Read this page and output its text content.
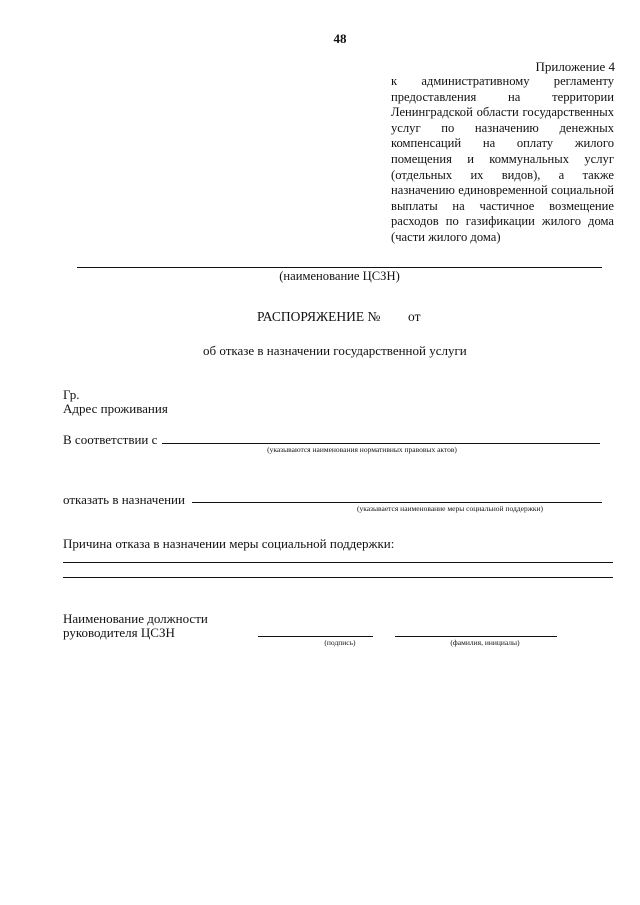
48
Приложение 4

к административному регламенту предоставления на территории Ленинградской области государственных услуг по назначению денежных компенсаций на оплату жилого помещения и коммунальных услуг (отдельных их видов), а также назначению единовременной социальной выплаты на частичное возмещение расходов по газификации жилого дома (части жилого дома)

(наименование ЦСЗН)
РАСПОРЯЖЕНИЕ № от
об отказе в назначении государственной услуги
Гр.
Адрес проживания
В соответствии с
(указываются наименования нормативных правовых актов)
отказать в назначении
(указывается наименование меры социальной поддержки)
Причина отказа в назначении меры социальной поддержки:
Наименование должности
руководителя ЦСЗН
(подпись)	(фамилия, инициалы)
